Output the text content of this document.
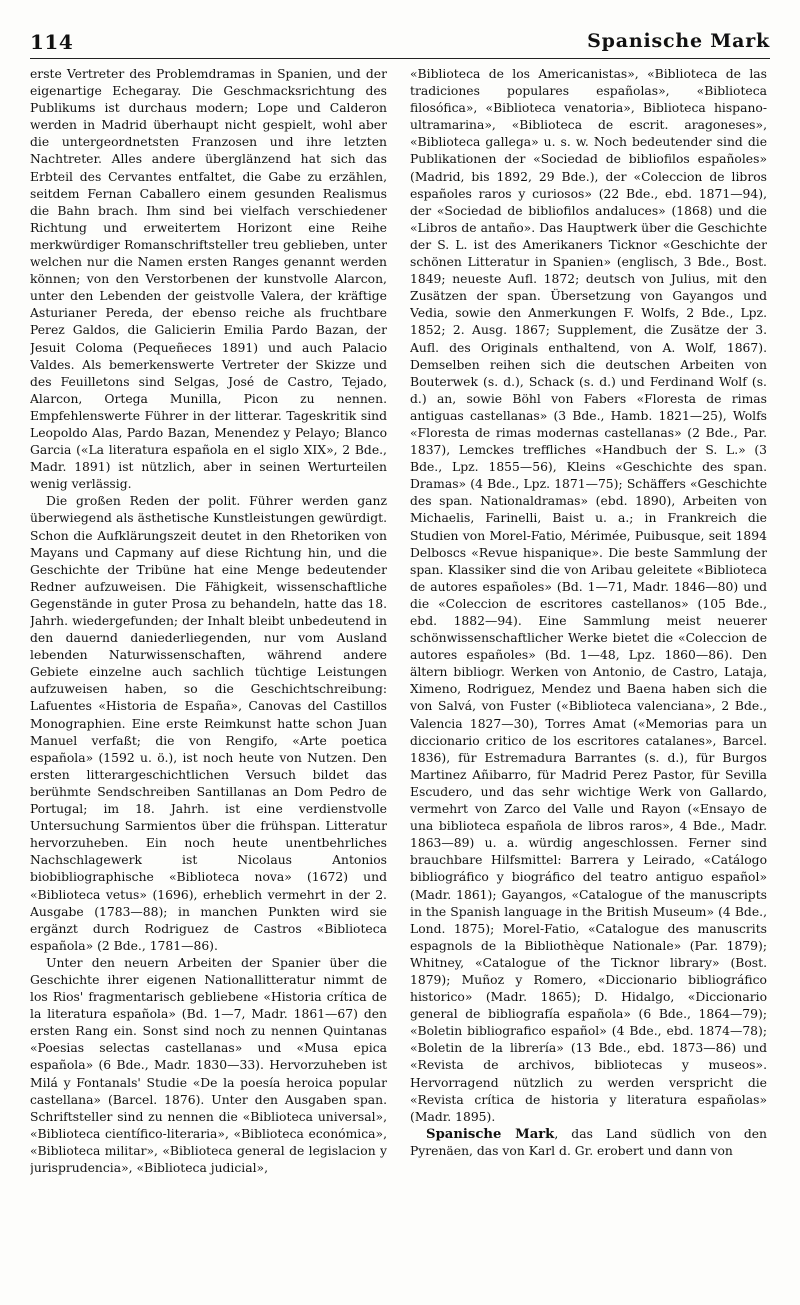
114	Spanische Mark

erste Vertreter des Problemdramas in Spanien, und der eigenartige Echegaray. Die Geschmacksrichtung des Publikums ist durchaus modern; Lope und Calderon werden in Madrid überhaupt nicht gespielt, wohl aber die untergeordnetsten Franzosen und ihre letzten Nachtreter. Alles andere überglänzend hat sich das Erbteil des Cervantes entfaltet, die Gabe zu erzählen, seitdem Fernan Caballero einem gesunden Realismus die Bahn brach. Ihm sind bei vielfach verschiedener Richtung und erweitertem Horizont eine Reihe merkwürdiger Romanschriftsteller treu geblieben, unter welchen nur die Namen ersten Ranges genannt werden können; von den Verstorbenen der kunstvolle Alarcon, unter den Lebenden der geistvolle Valera, der kräftige Asturianer Pereda, der ebenso reiche als fruchtbare Perez Galdos, die Galicierin Emilia Pardo Bazan, der Jesuit Coloma (Pequeñeces 1891) und auch Palacio Valdes. Als bemerkenswerte Vertreter der Skizze und des Feuilletons sind Selgas, José de Castro, Tejado, Alarcon, Ortega Munilla, Picon zu nennen. Empfehlenswerte Führer in der litterar. Tageskritik sind Leopoldo Alas, Pardo Bazan, Menendez y Pelayo; Blanco Garcia («La literatura española en el siglo XIX», 2 Bde., Madr. 1891) ist nützlich, aber in seinen Werturteilen wenig verlässig.

Die großen Reden der polit. Führer werden ganz überwiegend als ästhetische Kunstleistungen gewürdigt. Schon die Aufklärungszeit deutet in den Rhetoriken von Mayans und Capmany auf diese Richtung hin, und die Geschichte der Tribüne hat eine Menge bedeutender Redner aufzuweisen. Die Fähigkeit, wissenschaftliche Gegenstände in guter Prosa zu behandeln, hatte das 18. Jahrh. wiedergefunden; der Inhalt bleibt unbedeutend in den dauernd daniederliegenden, nur vom Ausland lebenden Naturwissenschaften, während andere Gebiete einzelne auch sachlich tüchtige Leistungen aufzuweisen haben, so die Geschichtschreibung: Lafuentes «Historia de España», Canovas del Castillos Monographien. Eine erste Reimkunst hatte schon Juan Manuel verfaßt; die von Rengifo, «Arte poetica española» (1592 u. ö.), ist noch heute von Nutzen. Den ersten litterargeschichtlichen Versuch bildet das berühmte Sendschreiben Santillanas an Dom Pedro de Portugal; im 18. Jahrh. ist eine verdienstvolle Untersuchung Sarmientos über die frühspan. Litteratur hervorzuheben. Ein noch heute unentbehrliches Nachschlagewerk ist Nicolaus Antonios biobibliographische «Biblioteca nova» (1672) und «Biblioteca vetus» (1696), erheblich vermehrt in der 2. Ausgabe (1783—88); in manchen Punkten wird sie ergänzt durch Rodriguez de Castros «Biblioteca española» (2 Bde., 1781—86).

Unter den neuern Arbeiten der Spanier über die Geschichte ihrer eigenen Nationallitteratur nimmt de los Rios' fragmentarisch gebliebene «Historia crítica de la literatura española» (Bd. 1—7, Madr. 1861—67) den ersten Rang ein. Sonst sind noch zu nennen Quintanas «Poesias selectas castellanas» und «Musa epica española» (6 Bde., Madr. 1830—33). Hervorzuheben ist Milá y Fontanals' Studie «De la poesía heroica popular castellana» (Barcel. 1876). Unter den Ausgaben span. Schriftsteller sind zu nennen die «Biblioteca universal», «Biblioteca científico-literaria», «Biblioteca económica», «Biblioteca militar», «Biblioteca general de legislacion y jurisprudencia», «Biblioteca judicial»,

«Biblioteca de los Americanistas», «Biblioteca de las tradiciones populares españolas», «Biblioteca filosófica», «Biblioteca venatoria», Biblioteca hispano-ultramarina», «Biblioteca de escrit. aragoneses», «Biblioteca gallega» u. s. w. Noch bedeutender sind die Publikationen der «Sociedad de bibliofilos españoles» (Madrid, bis 1892, 29 Bde.), der «Coleccion de libros españoles raros y curiosos» (22 Bde., ebd. 1871—94), der «Sociedad de bibliofilos andaluces» (1868) und die «Libros de antaño». Das Hauptwerk über die Geschichte der S. L. ist des Amerikaners Ticknor «Geschichte der schönen Litteratur in Spanien» (englisch, 3 Bde., Bost. 1849; neueste Aufl. 1872; deutsch von Julius, mit den Zusätzen der span. Übersetzung von Gayangos und Vedia, sowie den Anmerkungen F. Wolfs, 2 Bde., Lpz. 1852; 2. Ausg. 1867; Supplement, die Zusätze der 3. Aufl. des Originals enthaltend, von A. Wolf, 1867). Demselben reihen sich die deutschen Arbeiten von Bouterwek (s. d.), Schack (s. d.) und Ferdinand Wolf (s. d.) an, sowie Böhl von Fabers «Floresta de rimas antiguas castellanas» (3 Bde., Hamb. 1821—25), Wolfs «Floresta de rimas modernas castellanas» (2 Bde., Par. 1837), Lemckes treffliches «Handbuch der S. L.» (3 Bde., Lpz. 1855—56), Kleins «Geschichte des span. Dramas» (4 Bde., Lpz. 1871—75); Schäffers «Geschichte des span. Nationaldramas» (ebd. 1890), Arbeiten von Michaelis, Farinelli, Baist u. a.; in Frankreich die Studien von Morel-Fatio, Mérimée, Puibusque, seit 1894 Delboscs «Revue hispanique». Die beste Sammlung der span. Klassiker sind die von Aribau geleitete «Biblioteca de autores españoles» (Bd. 1—71, Madr. 1846—80) und die «Coleccion de escritores castellanos» (105 Bde., ebd. 1882—94). Eine Sammlung meist neuerer schönwissenschaftlicher Werke bietet die «Coleccion de autores españoles» (Bd. 1—48, Lpz. 1860—86). Den ältern bibliogr. Werken von Antonio, de Castro, Lataja, Ximeno, Rodriguez, Mendez und Baena haben sich die von Salvá, von Fuster («Biblioteca valenciana», 2 Bde., Valencia 1827—30), Torres Amat («Memorias para un diccionario critico de los escritores catalanes», Barcel. 1836), für Estremadura Barrantes (s. d.), für Burgos Martinez Añibarro, für Madrid Perez Pastor, für Sevilla Escudero, und das sehr wichtige Werk von Gallardo, vermehrt von Zarco del Valle und Rayon («Ensayo de una biblioteca española de libros raros», 4 Bde., Madr. 1863—89) u. a. würdig angeschlossen. Ferner sind brauchbare Hilfsmittel: Barrera y Leirado, «Catálogo bibliográfico y biográfico del teatro antiguo español» (Madr. 1861); Gayangos, «Catalogue of the manuscripts in the Spanish language in the British Museum» (4 Bde., Lond. 1875); Morel-Fatio, «Catalogue des manuscrits espagnols de la Bibliothèque Nationale» (Par. 1879); Whitney, «Catalogue of the Ticknor library» (Bost. 1879); Muñoz y Romero, «Diccionario bibliográfico historico» (Madr. 1865); D. Hidalgo, «Diccionario general de bibliografía española» (6 Bde., 1864—79); «Boletin bibliografico español» (4 Bde., ebd. 1874—78); «Boletin de la librería» (13 Bde., ebd. 1873—86) und «Revista de archivos, bibliotecas y museos». Hervorragend nützlich zu werden verspricht die «Revista crítica de historia y literatura españolas» (Madr. 1895).

Spanische Mark, das Land südlich von den Pyrenäen, das von Karl d. Gr. erobert und dann von
